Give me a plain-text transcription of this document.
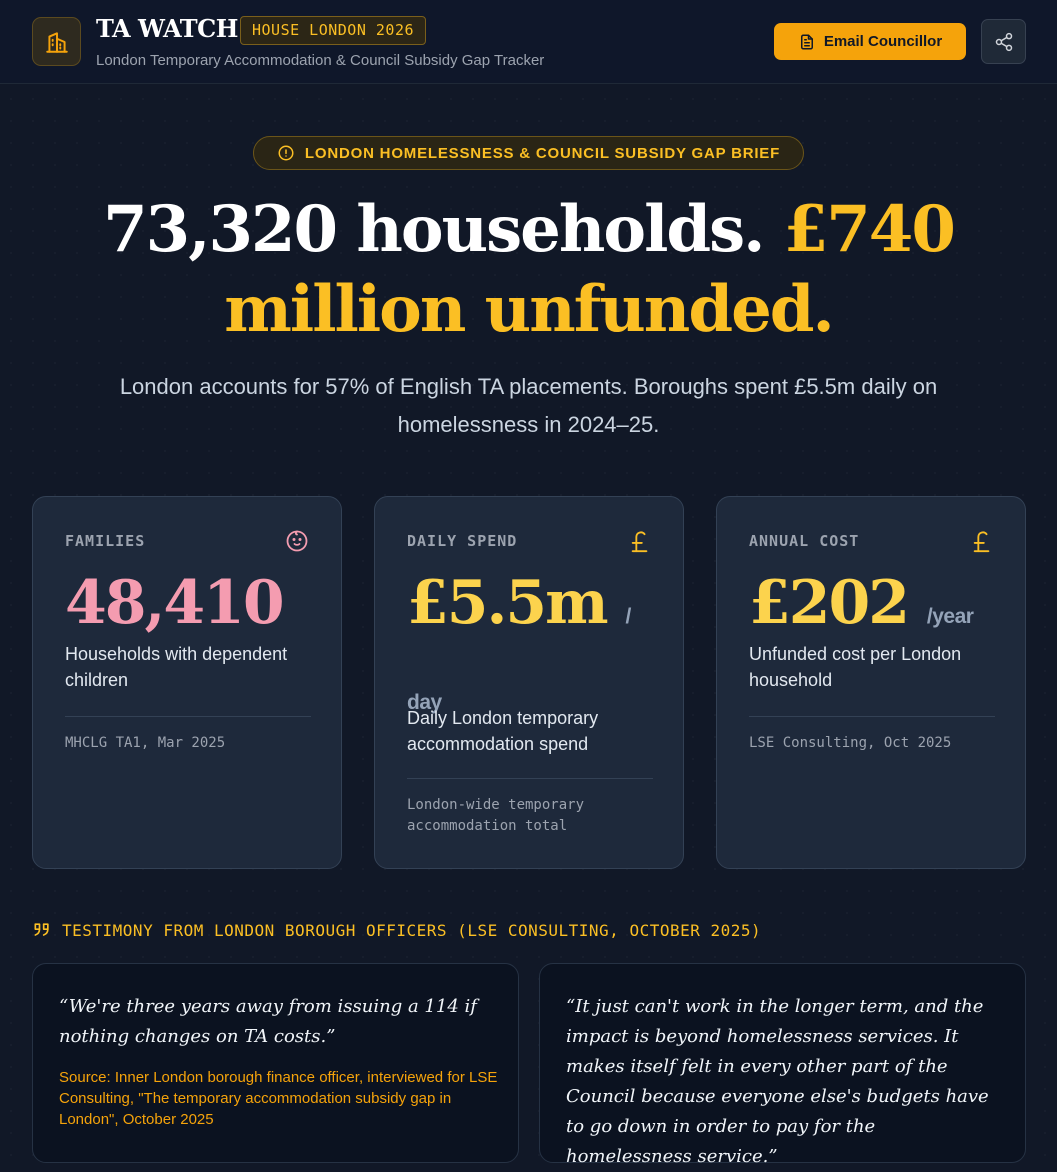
TA WATCH HOUSE LONDON 2026
London Temporary Accommodation & Council Subsidy Gap Tracker
Email Councillor
LONDON HOMELESSNESS & COUNCIL SUBSIDY GAP BRIEF
73,320 households. £740
million unfunded.

London accounts for 57% of English TA placements. Boroughs spent £5.5m daily on homelessness in 2024–25.

FAMILIES
48,410
Households with dependent children
MHCLG TA1, Mar 2025
DAILY SPEND
£5.5m / day
Daily London temporary accommodation spend
London-wide temporary accommodation total
ANNUAL COST
£202 /year
Unfunded cost per London household
LSE Consulting, Oct 2025
TESTIMONY FROM LONDON BOROUGH OFFICERS (LSE CONSULTING, OCTOBER 2025)

“We're three years away from issuing a 114 if nothing changes on TA costs.”

Source: Inner London borough finance officer, interviewed for LSE Consulting, "The temporary accommodation subsidy gap in London", October 2025

“It just can't work in the longer term, and the impact is beyond homelessness services. It makes itself felt in every other part of the Council because everyone else's budgets have to go down in order to pay for the homelessness service.”
